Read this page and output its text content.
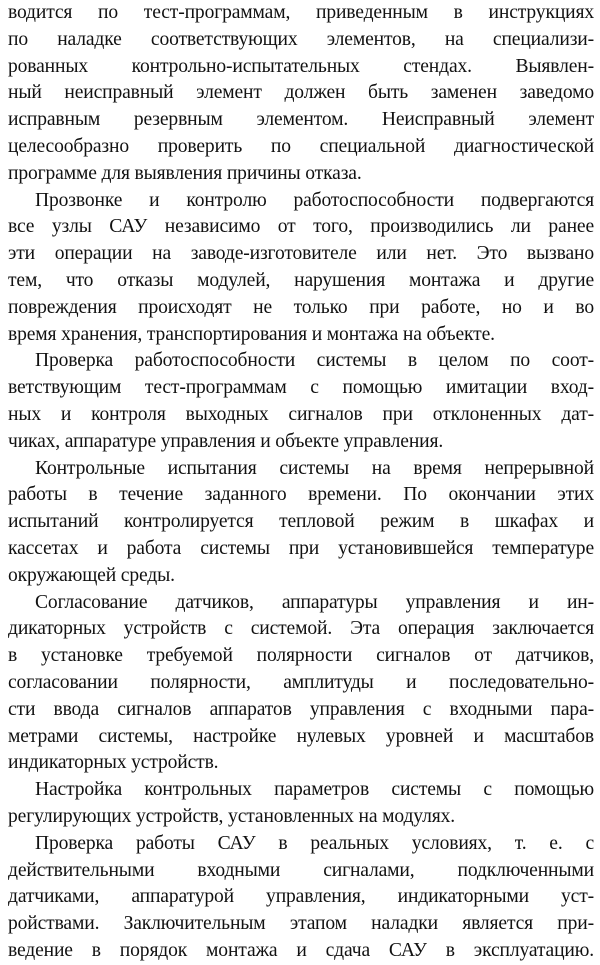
водится по тест-программам, приведенным в инструкциях
по наладке соответствующих элементов, на специализи-
рованных контрольно-испытательных стендах. Выявлен-
ный неисправный элемент должен быть заменен заведомо
исправным резервным элементом. Неисправный элемент
целесообразно проверить по специальной диагностической
программе для выявления причины отказа.
Прозвонке и контролю работоспособности подвергаются
все узлы САУ независимо от того, производились ли ранее
эти операции на заводе-изготовителе или нет. Это вызвано
тем, что отказы модулей, нарушения монтажа и другие
повреждения происходят не только при работе, но и во
время хранения, транспортирования и монтажа на объекте.
Проверка работоспособности системы в целом по соот-
ветствующим тест-программам с помощью имитации вход-
ных и контроля выходных сигналов при отклоненных дат-
чиках, аппаратуре управления и объекте управления.
Контрольные испытания системы на время непрерывной
работы в течение заданного времени. По окончании этих
испытаний контролируется тепловой режим в шкафах и
кассетах и работа системы при установившейся температуре
окружающей среды.
Согласование датчиков, аппаратуры управления и ин-
дикаторных устройств с системой. Эта операция заключается
в установке требуемой полярности сигналов от датчиков,
согласовании полярности, амплитуды и последовательно-
сти ввода сигналов аппаратов управления с входными пара-
метрами системы, настройке нулевых уровней и масштабов
индикаторных устройств.
Настройка контрольных параметров системы с помощью
регулирующих устройств, установленных на модулях.
Проверка работы САУ в реальных условиях, т. е. с
действительными входными сигналами, подключенными
датчиками, аппаратурой управления, индикаторными уст-
ройствами. Заключительным этапом наладки является при-
ведение в порядок монтажа и сдача САУ в эксплуатацию.
